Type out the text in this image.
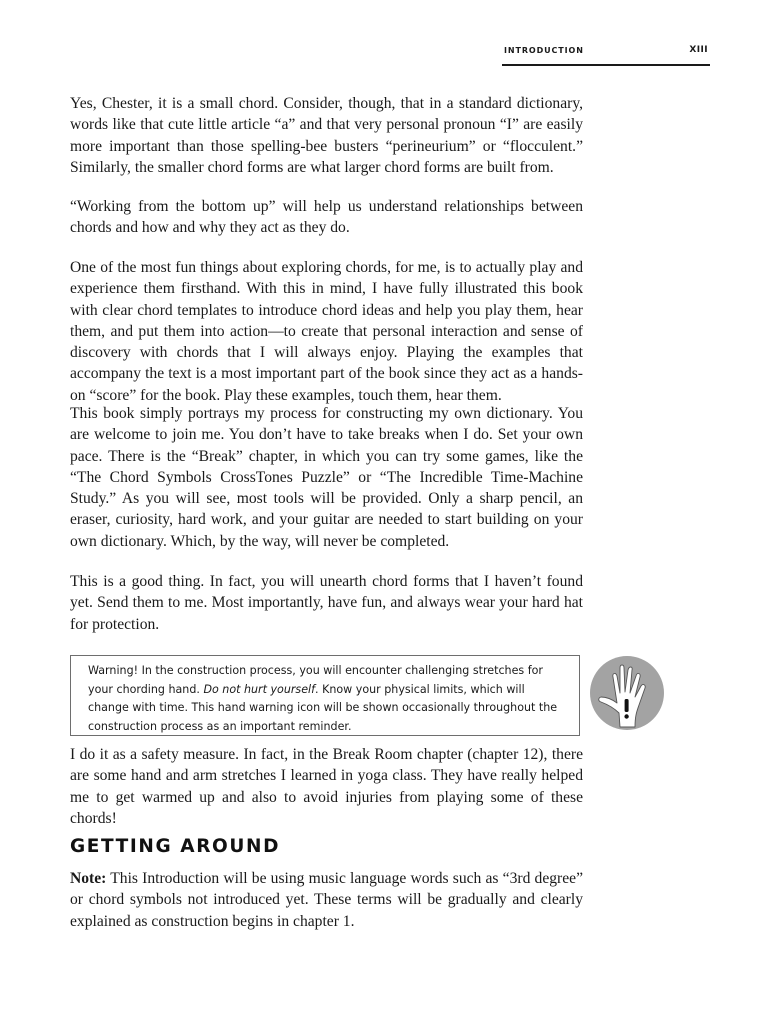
INTRODUCTION	XIII

Yes, Chester, it is a small chord. Consider, though, that in a standard dictionary, words like that cute little article “a” and that very personal pronoun “I” are easily more important than those spelling-bee busters “perineurium” or “flocculent.” Similarly, the smaller chord forms are what larger chord forms are built from.

“Working from the bottom up” will help us understand relationships between chords and how and why they act as they do.

One of the most fun things about exploring chords, for me, is to actually play and experience them firsthand. With this in mind, I have fully illustrated this book with clear chord templates to introduce chord ideas and help you play them, hear them, and put them into action—to create that personal interaction and sense of discovery with chords that I will always enjoy. Playing the examples that accompany the text is a most important part of the book since they act as a hands-on “score” for the book. Play these examples, touch them, hear them.

This book simply portrays my process for constructing my own dictionary. You are welcome to join me. You don’t have to take breaks when I do. Set your own pace. There is the “Break” chapter, in which you can try some games, like the “The Chord Symbols CrossTones Puzzle” or “The Incredible Time-Machine Study.” As you will see, most tools will be provided. Only a sharp pencil, an eraser, curiosity, hard work, and your guitar are needed to start building on your own dictionary. Which, by the way, will never be completed.

This is a good thing. In fact, you will unearth chord forms that I haven’t found yet. Send them to me. Most importantly, have fun, and always wear your hard hat for protection.

Warning! In the construction process, you will encounter challenging stretches for your chording hand. Do not hurt yourself. Know your physical limits, which will change with time. This hand warning icon will be shown occasionally throughout the construction process as an important reminder.

I do it as a safety measure. In fact, in the Break Room chapter (chapter 12), there are some hand and arm stretches I learned in yoga class. They have really helped me to get warmed up and also to avoid injuries from playing some of these chords!

GETTING AROUND

Note: This Introduction will be using music language words such as “3rd degree” or chord symbols not introduced yet. These terms will be gradually and clearly explained as construction begins in chapter 1.
